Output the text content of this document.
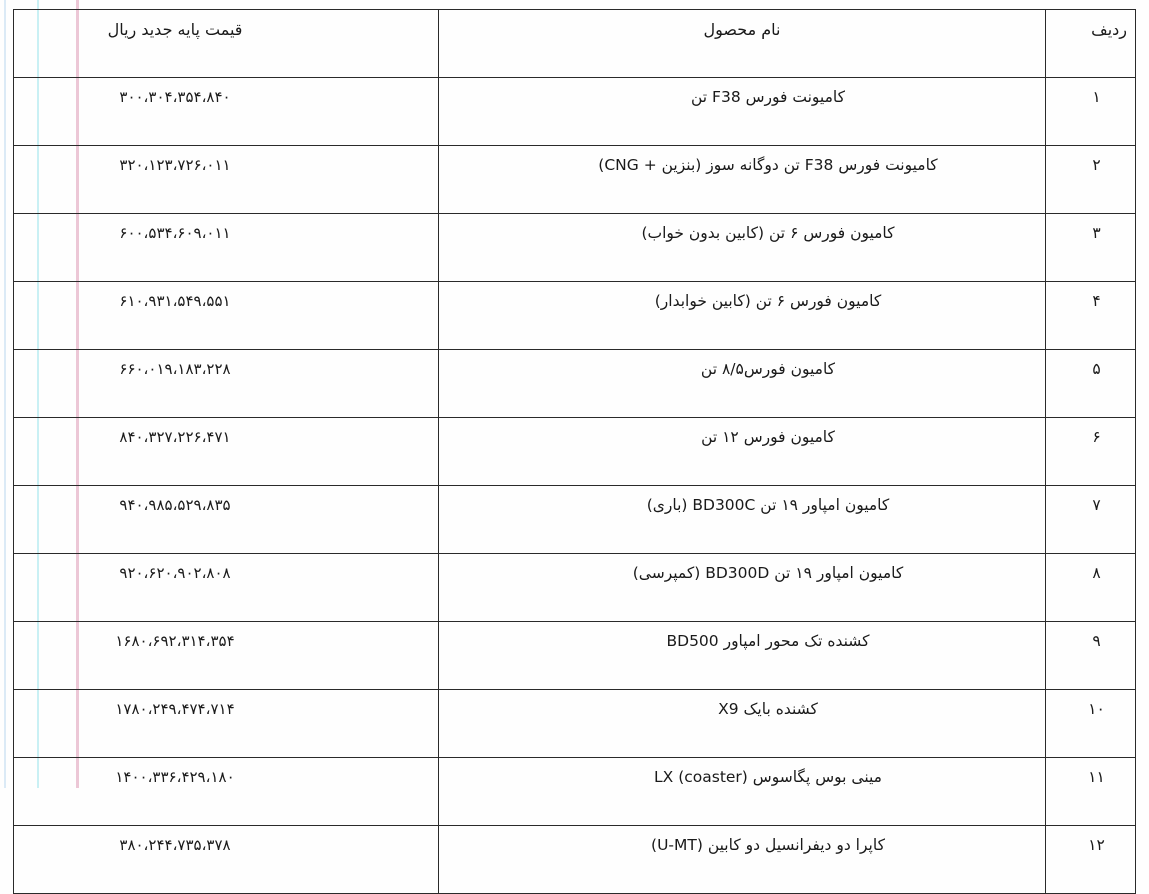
ردیف	نام محصول	قیمت پایه جدید ریال
۱	کامیونت فورس F38 تن	۳۰۰،۳۰۴،۳۵۴،۸۴۰
۲	کامیونت فورس F38 تن دوگانه سوز (بنزین + CNG)	۳۲۰،۱۲۳،۷۲۶،۰۱۱
۳	کامیون فورس ۶ تن (کابین بدون خواب)	۶۰۰،۵۳۴،۶۰۹،۰۱۱
۴	کامیون فورس ۶ تن (کابین خوابدار)	۶۱۰،۹۳۱،۵۴۹،۵۵۱
۵	کامیون فورس۸/۵ تن	۶۶۰،۰۱۹،۱۸۳،۲۲۸
۶	کامیون فورس ۱۲ تن	۸۴۰،۳۲۷،۲۲۶،۴۷۱
۷	کامیون امپاور ۱۹ تن BD300C (باری)	۹۴۰،۹۸۵،۵۲۹،۸۳۵
۸	کامیون امپاور ۱۹ تن BD300D (کمپرسی)	۹۲۰،۶۲۰،۹۰۲،۸۰۸
۹	کشنده تک محور امپاور BD500	۱۶۸۰،۶۹۲،۳۱۴،۳۵۴
۱۰	کشنده بایک X9	۱۷۸۰،۲۴۹،۴۷۴،۷۱۴
۱۱	مینی بوس پگاسوس LX (coaster)	۱۴۰۰،۳۳۶،۴۲۹،۱۸۰
۱۲	کاپرا دو دیفرانسیل دو کابین (U-MT)	۳۸۰،۲۴۴،۷۳۵،۳۷۸
